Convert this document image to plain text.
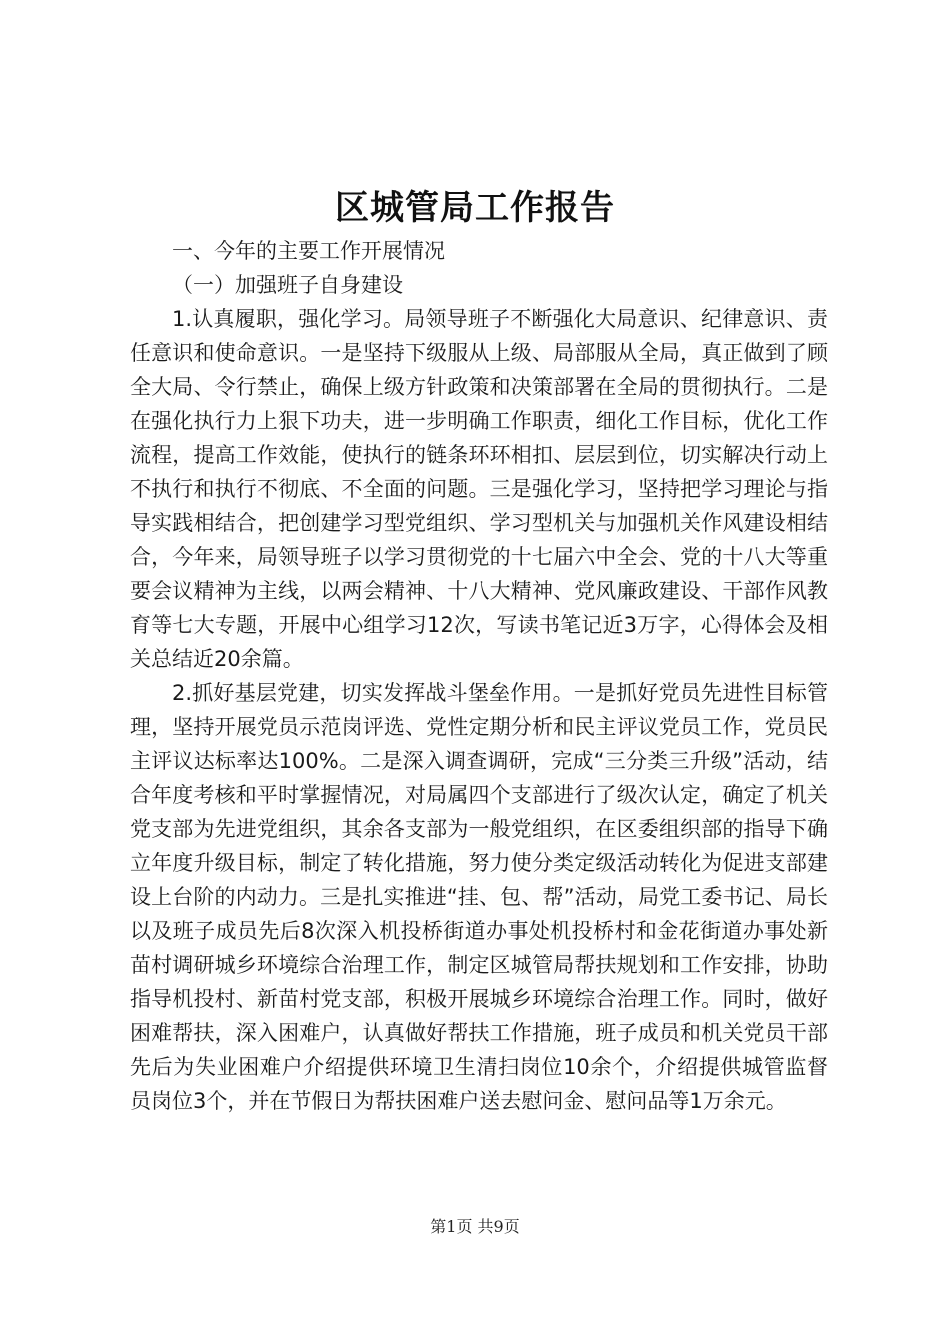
区城管局工作报告

一、今年的主要工作开展情况

（一）加强班子自身建设

1.认真履职，强化学习。局领导班子不断强化大局意识、纪律意识、责任意识和使命意识。一是坚持下级服从上级、局部服从全局，真正做到了顾全大局、令行禁止，确保上级方针政策和决策部署在全局的贯彻执行。二是在强化执行力上狠下功夫，进一步明确工作职责，细化工作目标，优化工作流程，提高工作效能，使执行的链条环环相扣、层层到位，切实解决行动上不执行和执行不彻底、不全面的问题。三是强化学习，坚持把学习理论与指导实践相结合，把创建学习型党组织、学习型机关与加强机关作风建设相结合，今年来，局领导班子以学习贯彻党的十七届六中全会、党的十八大等重要会议精神为主线，以两会精神、十八大精神、党风廉政建设、干部作风教育等七大专题，开展中心组学习12次，写读书笔记近3万字，心得体会及相关总结近20余篇。

2.抓好基层党建，切实发挥战斗堡垒作用。一是抓好党员先进性目标管理，坚持开展党员示范岗评选、党性定期分析和民主评议党员工作，党员民主评议达标率达100%。二是深入调查调研，完成“三分类三升级”活动，结合年度考核和平时掌握情况，对局属四个支部进行了级次认定，确定了机关党支部为先进党组织，其余各支部为一般党组织，在区委组织部的指导下确立年度升级目标，制定了转化措施，努力使分类定级活动转化为促进支部建设上台阶的内动力。三是扎实推进“挂、包、帮”活动，局党工委书记、局长以及班子成员先后8次深入机投桥街道办事处机投桥村和金花街道办事处新苗村调研城乡环境综合治理工作，制定区城管局帮扶规划和工作安排，协助指导机投村、新苗村党支部，积极开展城乡环境综合治理工作。同时，做好困难帮扶，深入困难户，认真做好帮扶工作措施，班子成员和机关党员干部先后为失业困难户介绍提供环境卫生清扫岗位10余个，介绍提供城管监督员岗位3个，并在节假日为帮扶困难户送去慰问金、慰问品等1万余元。

第1页 共9页
